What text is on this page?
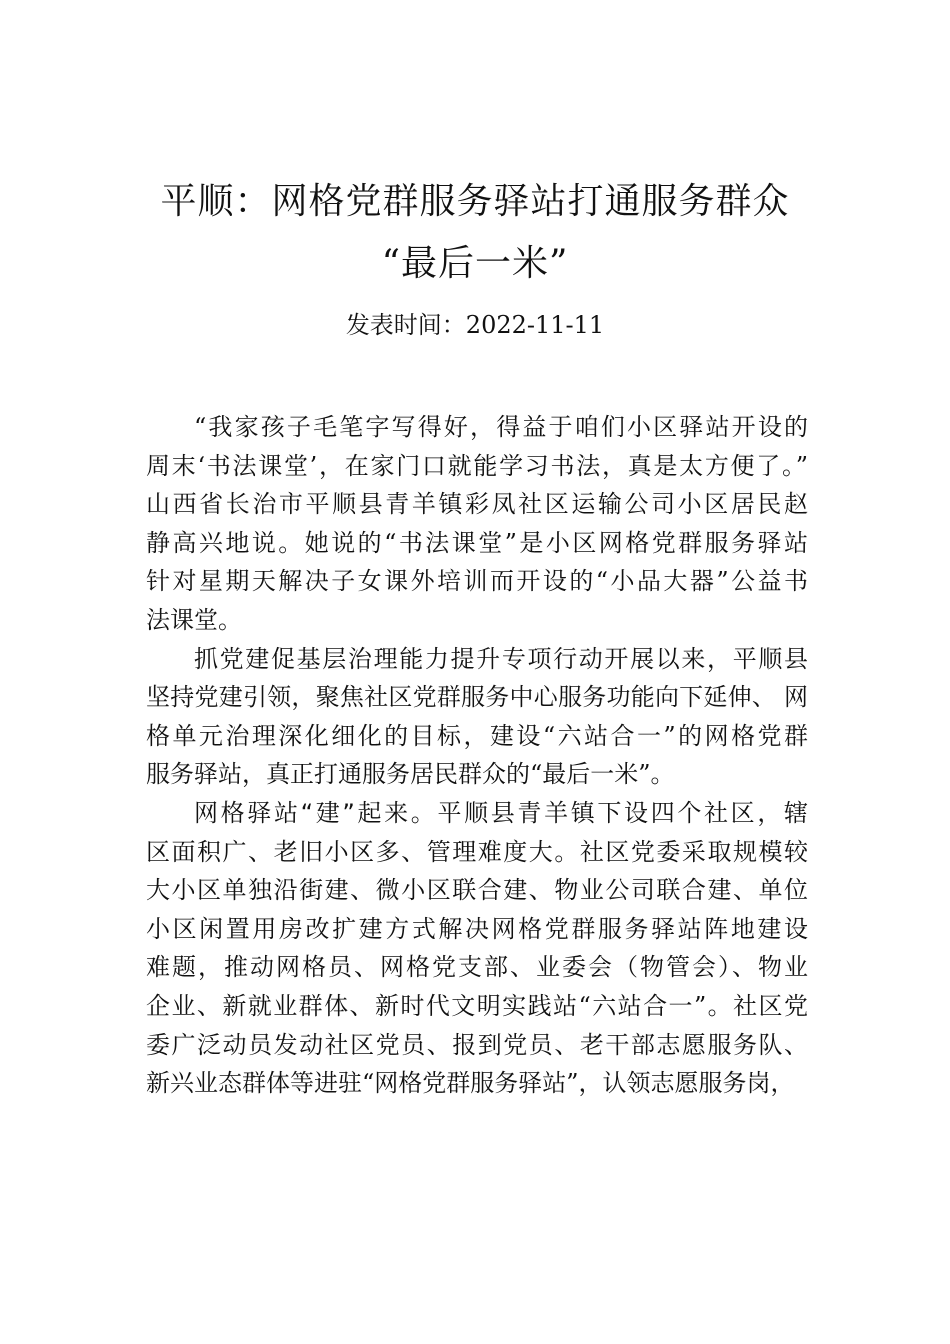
平顺：网格党群服务驿站打通服务群众
“最后一米”
发表时间：2022-11-11
“我家孩子毛笔字写得好，得益于咱们小区驿站开设的
周末‘书法课堂’，在家门口就能学习书法，真是太方便了。”
山西省长治市平顺县青羊镇彩凤社区运输公司小区居民赵
静高兴地说。她说的“书法课堂”是小区网格党群服务驿站
针对星期天解决子女课外培训而开设的“小品大器”公益书
法课堂。
抓党建促基层治理能力提升专项行动开展以来，平顺县
坚持党建引领，聚焦社区党群服务中心服务功能向下延伸、 网
格单元治理深化细化的目标，建设“六站合一”的网格党群
服务驿站，真正打通服务居民群众的“最后一米”。
网格驿站“建”起来。平顺县青羊镇下设四个社区，辖
区面积广、老旧小区多、管理难度大。社区党委采取规模较
大小区单独沿街建、微小区联合建、物业公司联合建、单位
小区闲置用房改扩建方式解决网格党群服务驿站阵地建设
难题，推动网格员、网格党支部、业委会（物管会）、物业
企业、新就业群体、新时代文明实践站“六站合一”。社区党
委广泛动员发动社区党员、报到党员、老干部志愿服务队、
新兴业态群体等进驻“网格党群服务驿站”，认领志愿服务岗，
